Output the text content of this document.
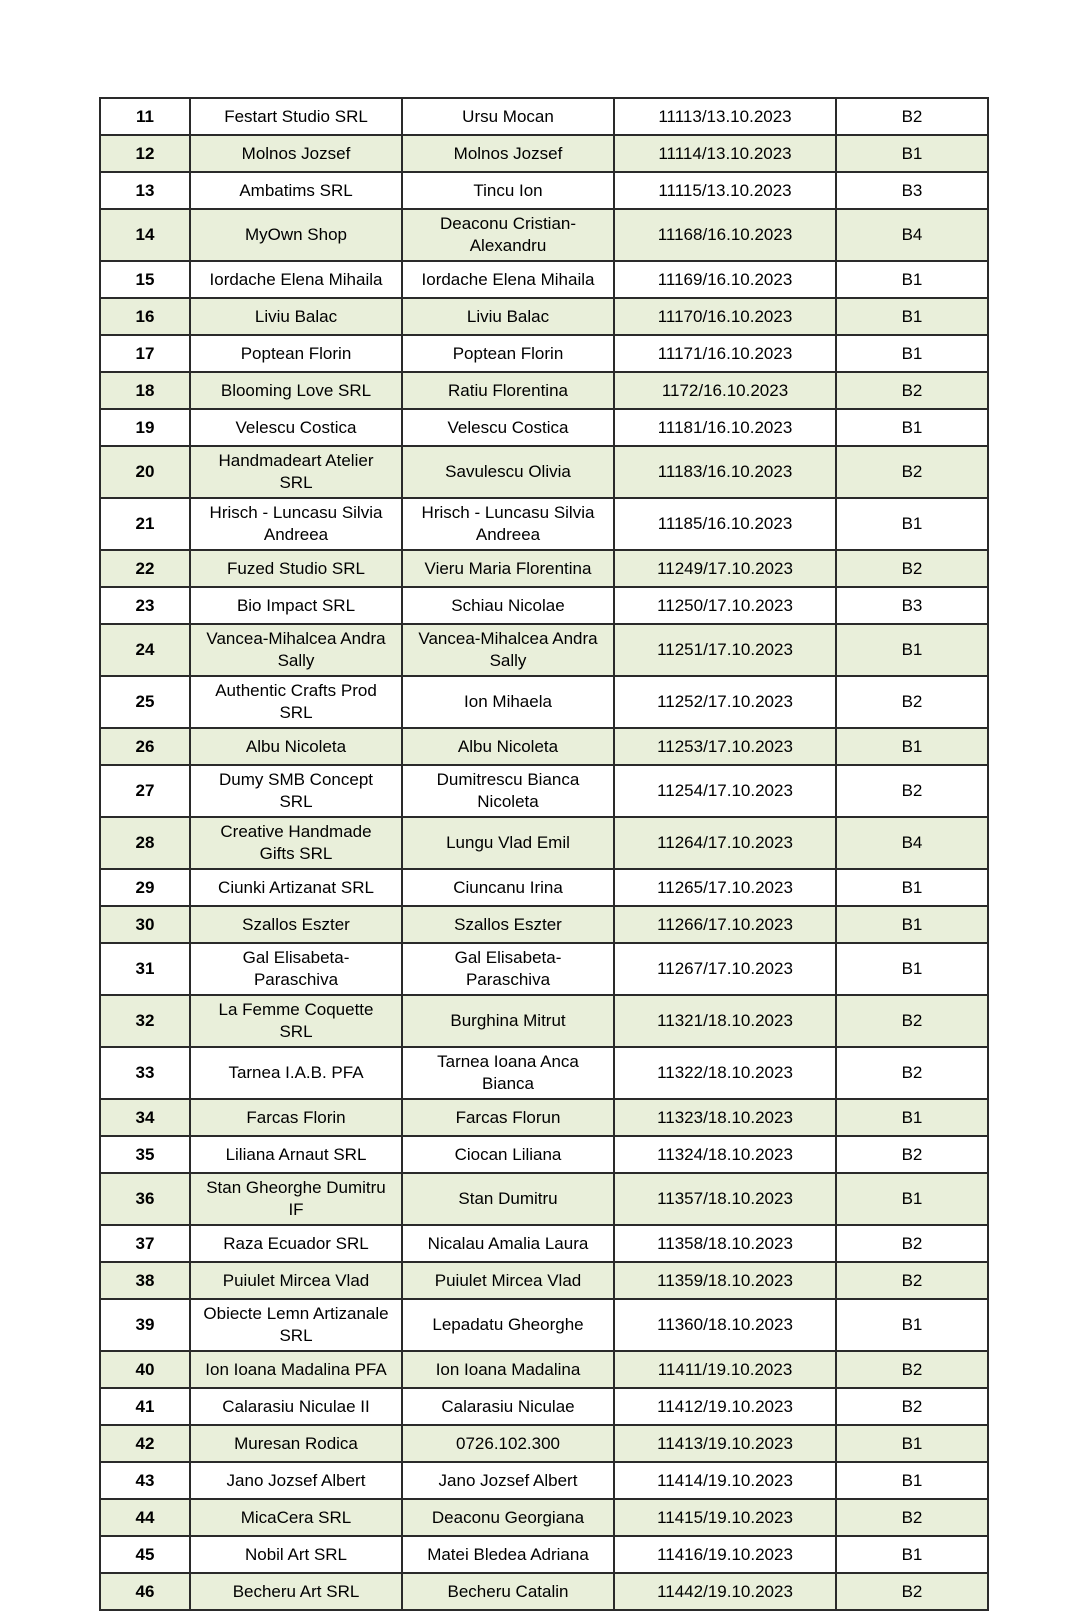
11	Festart Studio SRL	Ursu Mocan	11113/13.10.2023	B2
12	Molnos Jozsef	Molnos Jozsef	11114/13.10.2023	B1
13	Ambatims SRL	Tincu Ion	11115/13.10.2023	B3
14	MyOwn Shop	Deaconu Cristian-Alexandru	11168/16.10.2023	B4
15	Iordache Elena Mihaila	Iordache Elena Mihaila	11169/16.10.2023	B1
16	Liviu Balac	Liviu Balac	11170/16.10.2023	B1
17	Poptean Florin	Poptean Florin	11171/16.10.2023	B1
18	Blooming Love SRL	Ratiu Florentina	1172/16.10.2023	B2
19	Velescu Costica	Velescu Costica	11181/16.10.2023	B1
20	Handmadeart Atelier SRL	Savulescu Olivia	11183/16.10.2023	B2
21	Hrisch - Luncasu Silvia Andreea	Hrisch - Luncasu Silvia Andreea	11185/16.10.2023	B1
22	Fuzed Studio SRL	Vieru Maria Florentina	11249/17.10.2023	B2
23	Bio Impact SRL	Schiau Nicolae	11250/17.10.2023	B3
24	Vancea-Mihalcea Andra Sally	Vancea-Mihalcea Andra Sally	11251/17.10.2023	B1
25	Authentic Crafts Prod SRL	Ion Mihaela	11252/17.10.2023	B2
26	Albu Nicoleta	Albu Nicoleta	11253/17.10.2023	B1
27	Dumy SMB Concept SRL	Dumitrescu Bianca Nicoleta	11254/17.10.2023	B2
28	Creative Handmade Gifts SRL	Lungu Vlad Emil	11264/17.10.2023	B4
29	Ciunki Artizanat SRL	Ciuncanu Irina	11265/17.10.2023	B1
30	Szallos Eszter	Szallos Eszter	11266/17.10.2023	B1
31	Gal Elisabeta-Paraschiva	Gal Elisabeta-Paraschiva	11267/17.10.2023	B1
32	La Femme Coquette SRL	Burghina Mitrut	11321/18.10.2023	B2
33	Tarnea I.A.B. PFA	Tarnea Ioana Anca Bianca	11322/18.10.2023	B2
34	Farcas Florin	Farcas Florun	11323/18.10.2023	B1
35	Liliana Arnaut SRL	Ciocan Liliana	11324/18.10.2023	B2
36	Stan Gheorghe Dumitru IF	Stan Dumitru	11357/18.10.2023	B1
37	Raza Ecuador SRL	Nicalau Amalia Laura	11358/18.10.2023	B2
38	Puiulet Mircea Vlad	Puiulet Mircea Vlad	11359/18.10.2023	B2
39	Obiecte Lemn Artizanale SRL	Lepadatu Gheorghe	11360/18.10.2023	B1
40	Ion Ioana Madalina PFA	Ion Ioana Madalina	11411/19.10.2023	B2
41	Calarasiu Niculae II	Calarasiu Niculae	11412/19.10.2023	B2
42	Muresan Rodica	0726.102.300	11413/19.10.2023	B1
43	Jano Jozsef Albert	Jano Jozsef Albert	11414/19.10.2023	B1
44	MicaCera SRL	Deaconu Georgiana	11415/19.10.2023	B2
45	Nobil Art SRL	Matei Bledea Adriana	11416/19.10.2023	B1
46	Becheru Art SRL	Becheru Catalin	11442/19.10.2023	B2
